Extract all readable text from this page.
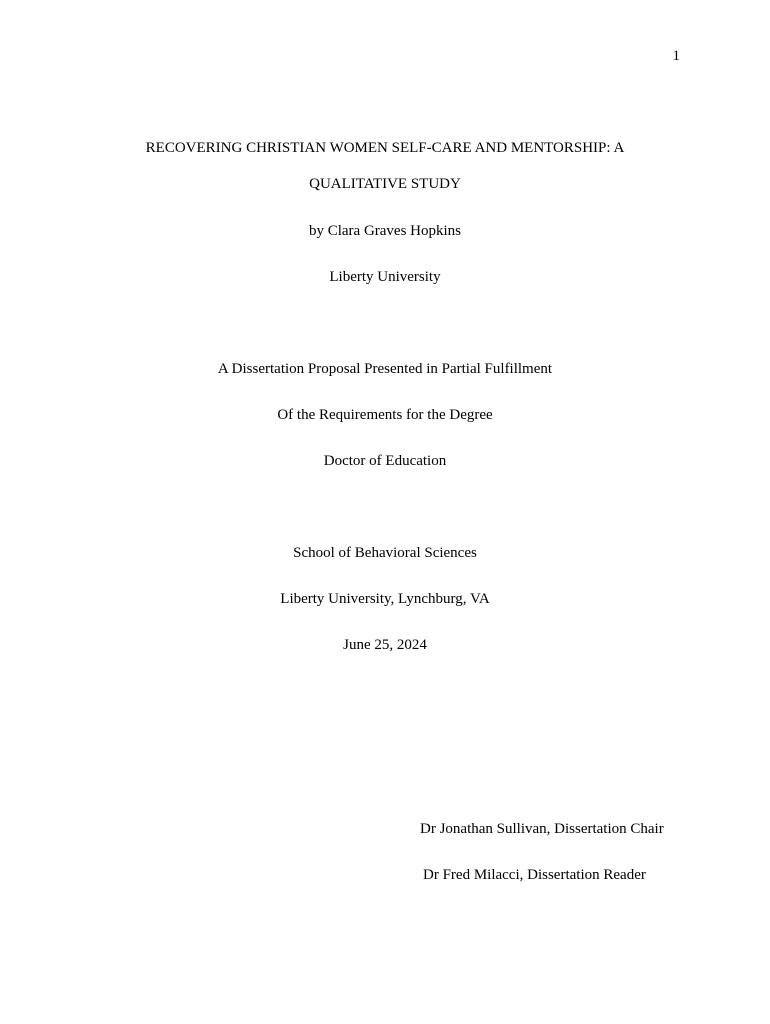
1
RECOVERING CHRISTIAN WOMEN SELF-CARE AND MENTORSHIP: A
QUALITATIVE STUDY
by Clara Graves Hopkins
Liberty University
A Dissertation Proposal Presented in Partial Fulfillment
Of the Requirements for the Degree
Doctor of Education
School of Behavioral Sciences
Liberty University, Lynchburg, VA
June 25, 2024
Dr Jonathan Sullivan, Dissertation Chair
Dr Fred Milacci, Dissertation Reader
